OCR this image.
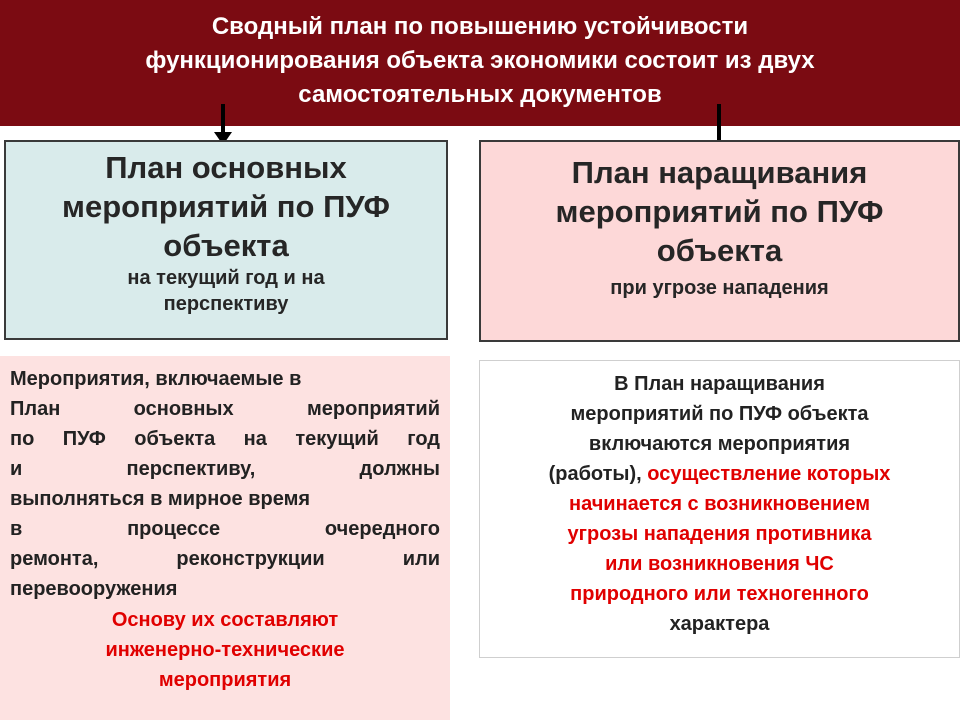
Сводный план по повышению устойчивости
функционирования объекта экономики состоит из двух
самостоятельных документов
План основных
мероприятий по ПУФ
объекта
на текущий год и на
перспективу
План наращивания
мероприятий по ПУФ
объекта
при угрозе нападения
Мероприятия, включаемые в
План основных мероприятий
по ПУФ объекта на текущий год
и перспективу, должны
выполняться в мирное время
в процессе очередного
ремонта, реконструкции или
перевооружения
Основу их составляют
инженерно-технические
мероприятия
В План наращивания
мероприятий по ПУФ объекта
включаются мероприятия
(работы), осуществление которых
начинается с возникновением
угрозы нападения противника
или возникновения ЧС
природного или техногенного
характера
